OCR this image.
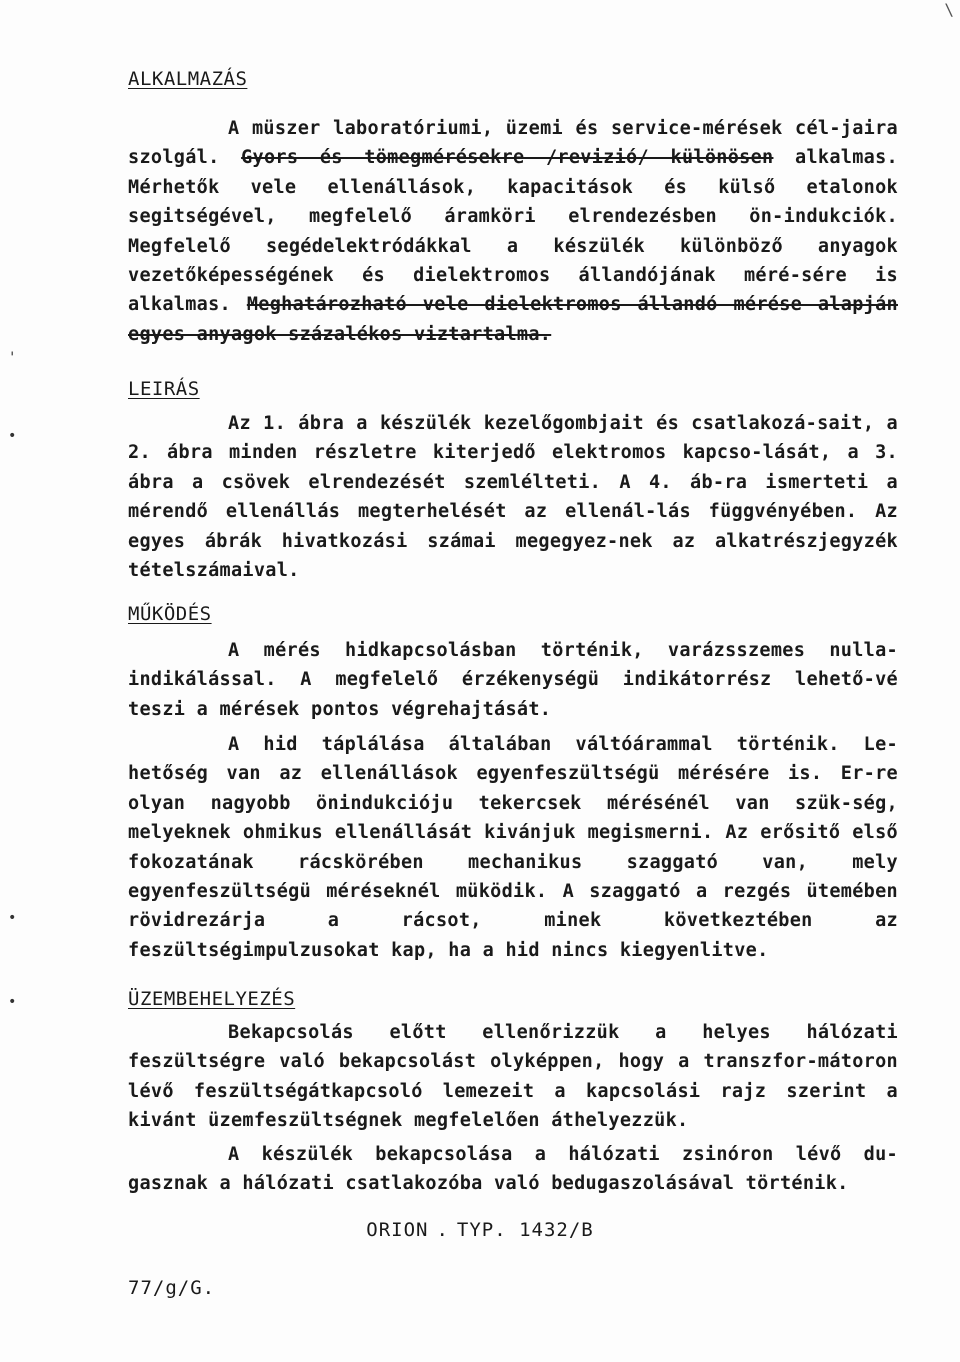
\
ALKALMAZÁS

A müszer laboratóriumi, üzemi és service-mérések cél-jaira szolgál. Gyors és tömegmérésekre /revizió/ különösen alkalmas. Mérhetők vele ellenállások, kapacitások és külső etalonok segitségével, megfelelő áramköri elrendezésben ön-indukciók. Megfelelő segédelektródákkal a készülék különböző anyagok vezetőképességének és dielektromos állandójának méré-sére is alkalmas. Meghatározható vele dielektromos állandó mérése alapján egyes anyagok százalékos viztartalma.

LEIRÁS

Az 1. ábra a készülék kezelőgombjait és csatlakozá-sait, a 2. ábra minden részletre kiterjedő elektromos kapcso-lását, a 3. ábra a csövek elrendezését szemlélteti. A 4. áb-ra ismerteti a mérendő ellenállás megterhelését az ellenál-lás függvényében. Az egyes ábrák hivatkozási számai megegyez-nek az alkatrészjegyzék tételszámaival.

MŰKÖDÉS

A mérés hidkapcsolásban történik, varázsszemes nulla-indikálással. A megfelelő érzékenységü indikátorrész lehető-vé teszi a mérések pontos végrehajtását.

A hid táplálása általában váltóárammal történik. Le-hetőség van az ellenállások egyenfeszültségü mérésére is. Er-re olyan nagyobb önindukcióju tekercsek mérésénél van szük-ség, melyeknek ohmikus ellenállását kivánjuk megismerni. Az erősitő első fokozatának rácskörében mechanikus szaggató van, mely egyenfeszültségü méréseknél müködik. A szaggató a rezgés ütemében rövidrezárja a rácsot, minek következtében az feszültségimpulzusokat kap, ha a hid nincs kiegyenlitve.

ÜZEMBEHELYEZÉS

Bekapcsolás előtt ellenőrizzük a helyes hálózati feszültségre való bekapcsolást olyképpen, hogy a transzfor-mátoron lévő feszültségátkapcsoló lemezeit a kapcsolási rajz szerint a kivánt üzemfeszültségnek megfelelően áthelyezzük.

A készülék bekapcsolása a hálózati zsinóron lévő du-gasznak a hálózati csatlakozóba való bedugaszolásával történik.

ORION . TYP. 1432/B
77/g/G.
'
•
•
•
